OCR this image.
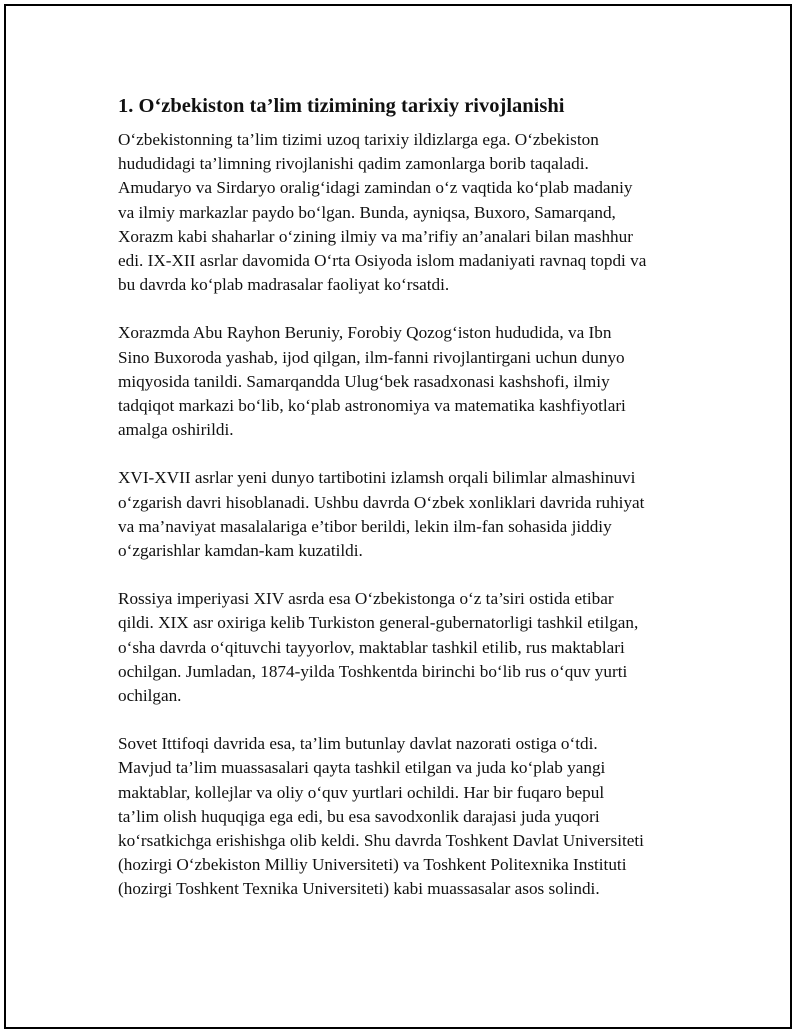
1. O‘zbekiston ta’lim tizimining tarixiy rivojlanishi
O‘zbekistonning ta’lim tizimi uzoq tarixiy ildizlarga ega. O‘zbekiston
hududidagi ta’limning rivojlanishi qadim zamonlarga borib taqaladi.
Amudaryo va Sirdaryo oralig‘idagi zamindan o‘z vaqtida ko‘plab madaniy
va ilmiy markazlar paydo bo‘lgan. Bunda, ayniqsa, Buxoro, Samarqand,
Xorazm kabi shaharlar o‘zining ilmiy va ma’rifiy an’analari bilan mashhur
edi. IX-XII asrlar davomida O‘rta Osiyoda islom madaniyati ravnaq topdi va
bu davrda ko‘plab madrasalar faoliyat ko‘rsatdi.
Xorazmda Abu Rayhon Beruniy, Forobiy Qozog‘iston hududida, va Ibn
Sino Buxoroda yashab, ijod qilgan, ilm-fanni rivojlantirgani uchun dunyo
miqyosida tanildi. Samarqandda Ulug‘bek rasadxonasi kashshofi, ilmiy
tadqiqot markazi bo‘lib, ko‘plab astronomiya va matematika kashfiyotlari
amalga oshirildi.
XVI-XVII asrlar yeni dunyo tartibotini izlamsh orqali bilimlar almashinuvi
o‘zgarish davri hisoblanadi. Ushbu davrda O‘zbek xonliklari davrida ruhiyat
va ma’naviyat masalalariga e’tibor berildi, lekin ilm-fan sohasida jiddiy
o‘zgarishlar kamdan-kam kuzatildi.
Rossiya imperiyasi XIV asrda esa O‘zbekistonga o‘z ta’siri ostida etibar
qildi. XIX asr oxiriga kelib Turkiston general-gubernatorligi tashkil etilgan,
o‘sha davrda o‘qituvchi tayyorlov, maktablar tashkil etilib, rus maktablari
ochilgan. Jumladan, 1874-yilda Toshkentda birinchi bo‘lib rus o‘quv yurti
ochilgan.
Sovet Ittifoqi davrida esa, ta’lim butunlay davlat nazorati ostiga o‘tdi.
Mavjud ta’lim muassasalari qayta tashkil etilgan va juda ko‘plab yangi
maktablar, kollejlar va oliy o‘quv yurtlari ochildi. Har bir fuqaro bepul
ta’lim olish huquqiga ega edi, bu esa savodxonlik darajasi juda yuqori
ko‘rsatkichga erishishga olib keldi. Shu davrda Toshkent Davlat Universiteti
(hozirgi O‘zbekiston Milliy Universiteti) va Toshkent Politexnika Instituti
(hozirgi Toshkent Texnika Universiteti) kabi muassasalar asos solindi.
